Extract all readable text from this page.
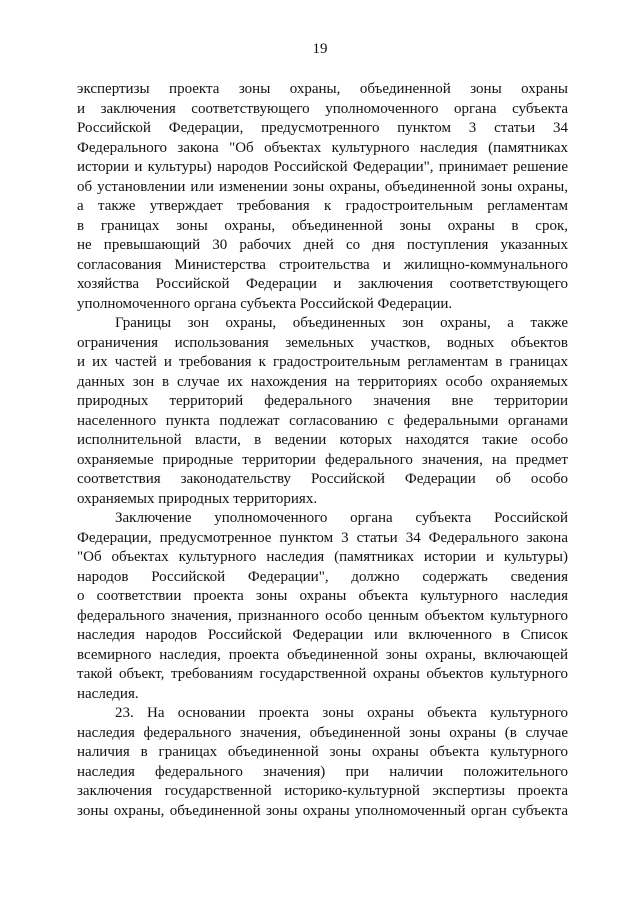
19
экспертизы проекта зоны охраны, объединенной зоны охраны
и заключения соответствующего уполномоченного органа субъекта
Российской Федерации, предусмотренного пунктом 3 статьи 34
Федерального закона "Об объектах культурного наследия (памятниках
истории и культуры) народов Российской Федерации", принимает решение
об установлении или изменении зоны охраны, объединенной зоны охраны,
а также утверждает требования к градостроительным регламентам
в границах зоны охраны, объединенной зоны охраны в срок,
не превышающий 30 рабочих дней со дня поступления указанных
согласования Министерства строительства и жилищно-коммунального
хозяйства Российской Федерации и заключения соответствующего
уполномоченного органа субъекта Российской Федерации.
Границы зон охраны, объединенных зон охраны, а также
ограничения использования земельных участков, водных объектов
и их частей и требования к градостроительным регламентам в границах
данных зон в случае их нахождения на территориях особо охраняемых
природных территорий федерального значения вне территории
населенного пункта подлежат согласованию с федеральными органами
исполнительной власти, в ведении которых находятся такие особо
охраняемые природные территории федерального значения, на предмет
соответствия законодательству Российской Федерации об особо
охраняемых природных территориях.
Заключение уполномоченного органа субъекта Российской
Федерации, предусмотренное пунктом 3 статьи 34 Федерального закона
"Об объектах культурного наследия (памятниках истории и культуры)
народов Российской Федерации", должно содержать сведения
о соответствии проекта зоны охраны объекта культурного наследия
федерального значения, признанного особо ценным объектом культурного
наследия народов Российской Федерации или включенного в Список
всемирного наследия, проекта объединенной зоны охраны, включающей
такой объект, требованиям государственной охраны объектов культурного
наследия.
23. На основании проекта зоны охраны объекта культурного
наследия федерального значения, объединенной зоны охраны (в случае
наличия в границах объединенной зоны охраны объекта культурного
наследия федерального значения) при наличии положительного
заключения государственной историко-культурной экспертизы проекта
зоны охраны, объединенной зоны охраны уполномоченный орган субъекта
